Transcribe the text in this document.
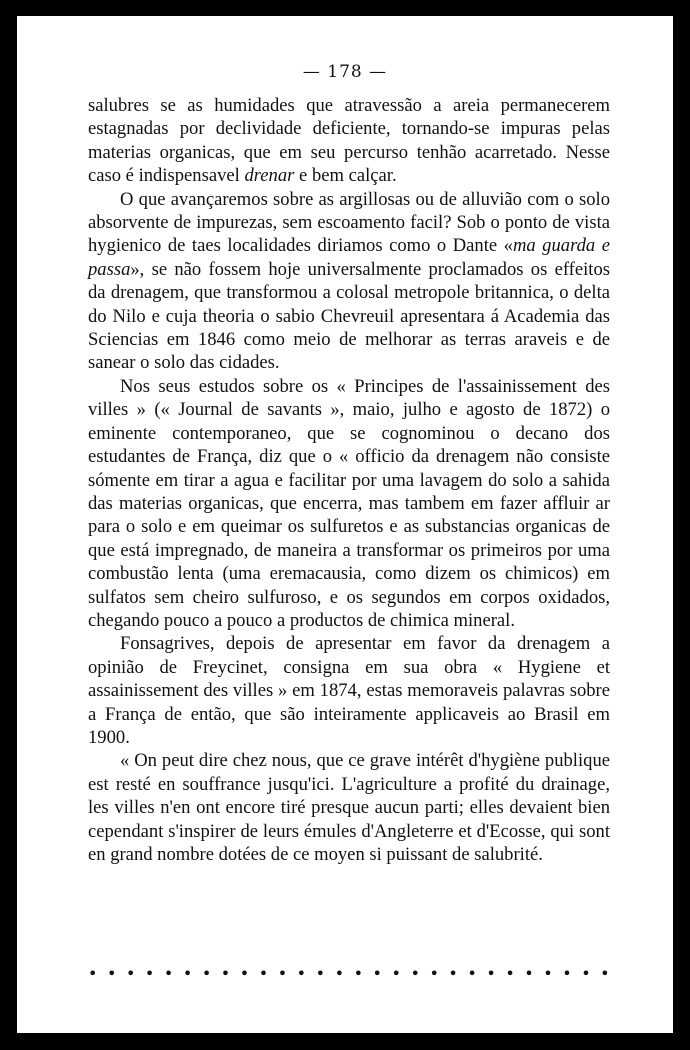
— 178 —

salubres se as humidades que atravessão a areia permanecerem estagnadas por declividade deficiente, tornando-se impuras pelas materias organicas, que em seu percurso tenhão acarretado. Nesse caso é indispensavel drenar e bem calçar.

O que avançaremos sobre as argillosas ou de alluvião com o solo absorvente de impurezas, sem escoamento facil? Sob o ponto de vista hygienico de taes localidades diriamos como o Dante «ma guarda e passa», se não fossem hoje universalmente proclamados os effeitos da drenagem, que transformou a colosal metropole britannica, o delta do Nilo e cuja theoria o sabio Chevreuil apresentara á Academia das Sciencias em 1846 como meio de melhorar as terras araveis e de sanear o solo das cidades.

Nos seus estudos sobre os « Principes de l'assainissement des villes » (« Journal de savants », maio, julho e agosto de 1872) o eminente contemporaneo, que se cognominou o decano dos estudantes de França, diz que o « officio da drenagem não consiste sómente em tirar a agua e facilitar por uma lavagem do solo a sahida das materias organicas, que encerra, mas tambem em fazer affluir ar para o solo e em queimar os sulfuretos e as substancias organicas de que está impregnado, de maneira a transformar os primeiros por uma combustão lenta (uma eremacausia, como dizem os chimicos) em sulfatos sem cheiro sulfuroso, e os segundos em corpos oxidados, chegando pouco a pouco a productos de chimica mineral.

Fonsagrives, depois de apresentar em favor da drenagem a opinião de Freycinet, consigna em sua obra « Hygiene et assainissement des villes » em 1874, estas memoraveis palavras sobre a França de então, que são inteiramente applicaveis ao Brasil em 1900.

« On peut dire chez nous, que ce grave intérêt d'hygiène publique est resté en souffrance jusqu'ici. L'agriculture a profité du drainage, les villes n'en ont encore tiré presque aucun parti; elles devaient bien cependant s'inspirer de leurs émules d'Angleterre et d'Ecosse, qui sont en grand nombre dotées de ce moyen si puissant de salubrité.

• • • • • • • • • • • • • • • • • • • • • • • • • • • •
